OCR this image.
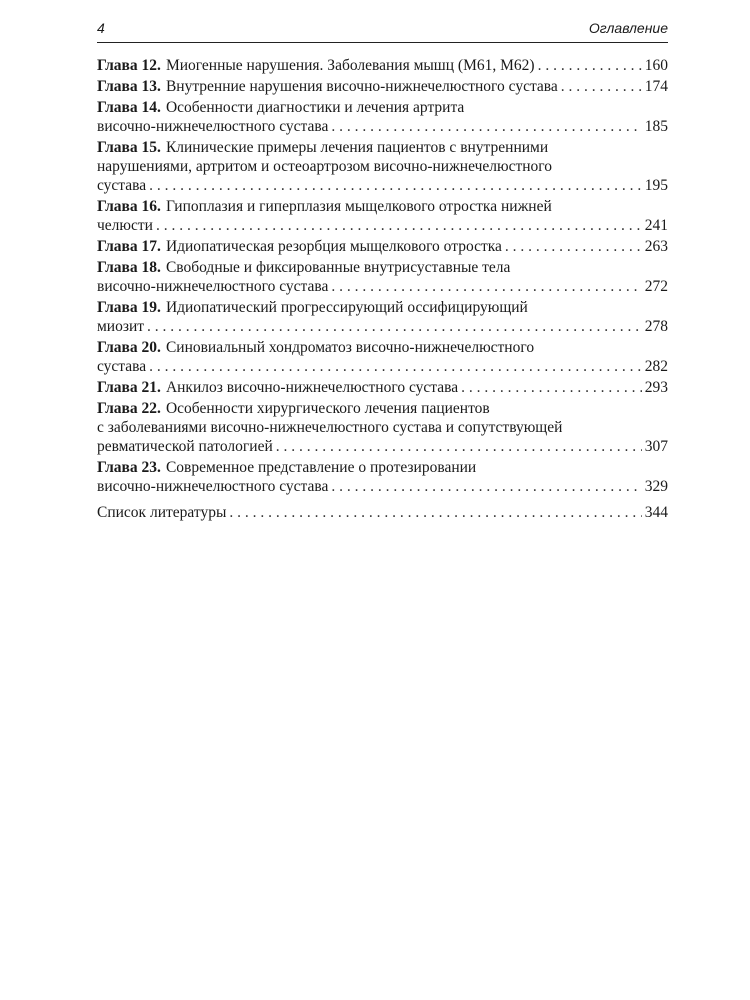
4	Оглавление
Глава 12. Миогенные нарушения. Заболевания мышц (М61, М62) . . .	160
Глава 13. Внутренние нарушения височно-нижнечелюстного сустава . . .	174
Глава 14. Особенности диагностики и лечения артрита
височно-нижнечелюстного сустава . . .	185
Глава 15. Клинические примеры лечения пациентов с внутренними
нарушениями, артритом и остеоартрозом височно-нижнечелюстного
сустава . . .	195
Глава 16. Гипоплазия и гиперплазия мыщелкового отростка нижней
челюсти . . .	241
Глава 17. Идиопатическая резорбция мыщелкового отростка . . .	263
Глава 18. Свободные и фиксированные внутрисуставные тела
височно-нижнечелюстного сустава . . .	272
Глава 19. Идиопатический прогрессирующий оссифицирующий
миозит . . .	278
Глава 20. Синовиальный хондроматоз височно-нижнечелюстного
сустава . . .	282
Глава 21. Анкилоз височно-нижнечелюстного сустава . . .	293
Глава 22. Особенности хирургического лечения пациентов
с заболеваниями височно-нижнечелюстного сустава и сопутствующей
ревматической патологией . . .	307
Глава 23. Современное представление о протезировании
височно-нижнечелюстного сустава . . .	329
Список литературы . . .	344
